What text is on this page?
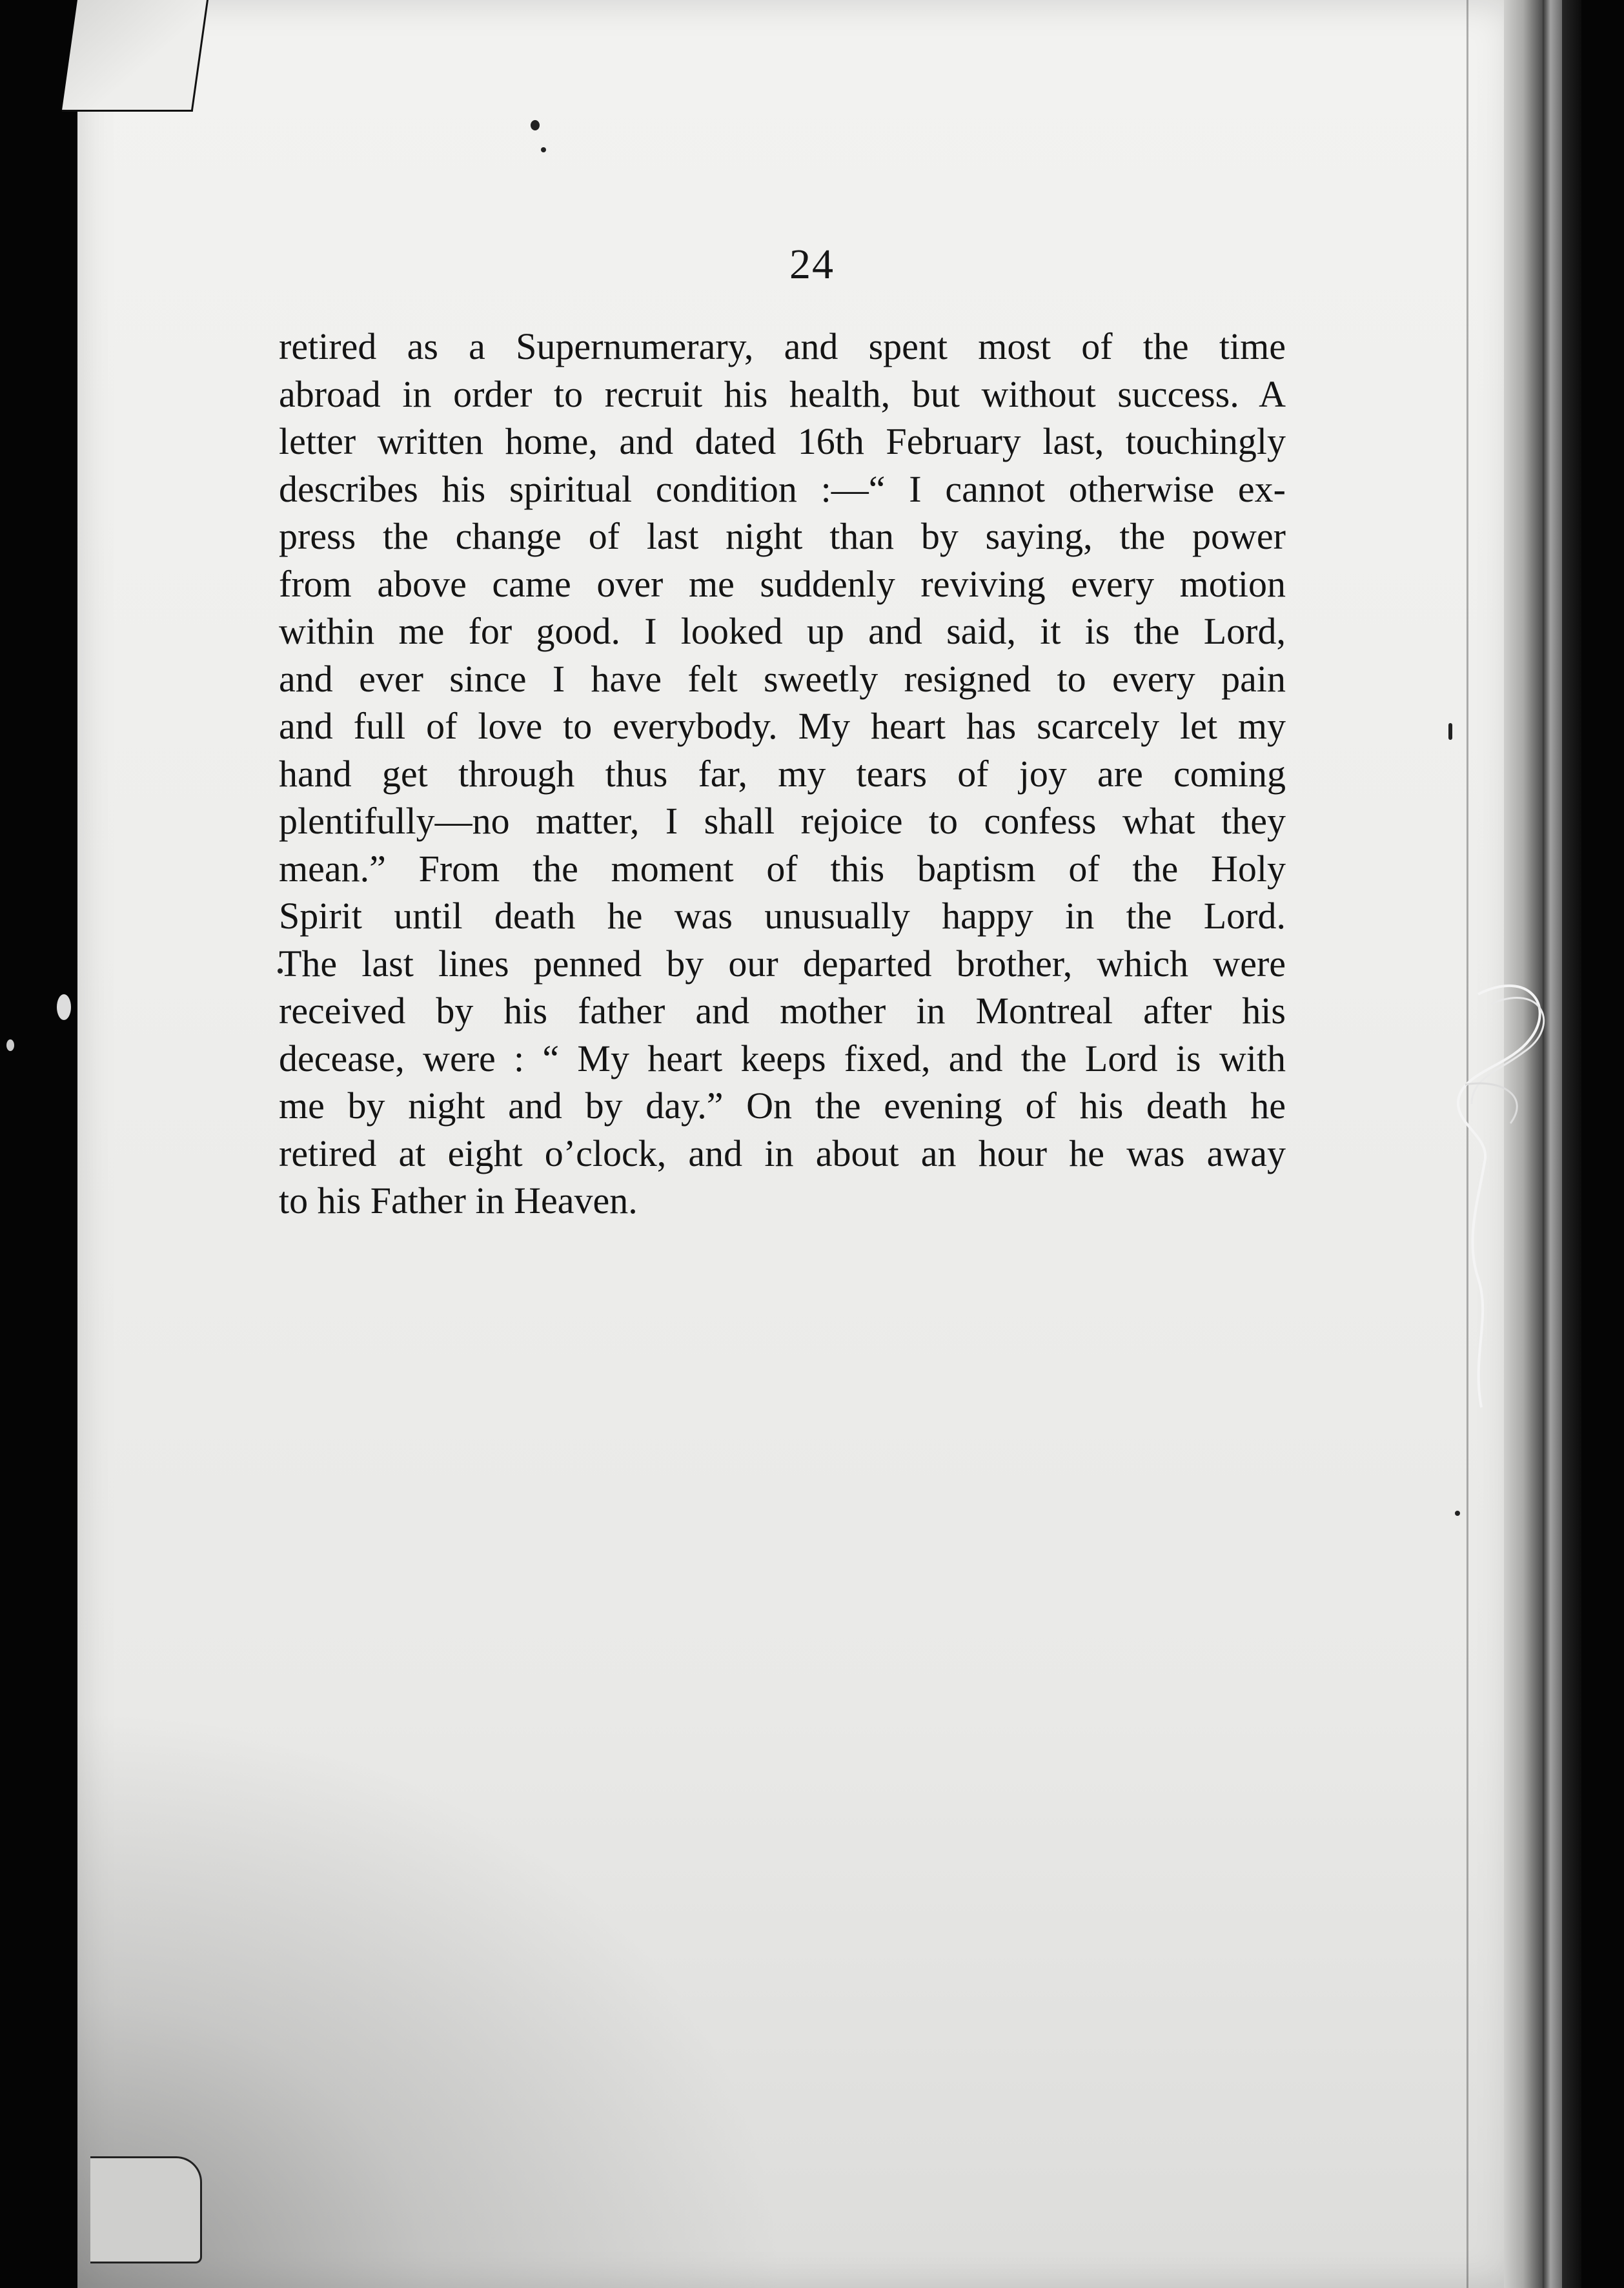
24

retired as a Supernumerary, and spent most of the time
abroad in order to recruit his health, but without success. A
letter written home, and dated 16th February last, touchingly
describes his spiritual condition :—“ I cannot otherwise ex-
press the change of last night than by saying, the power
from above came over me suddenly reviving every motion
within me for good. I looked up and said, it is the Lord,
and ever since I have felt sweetly resigned to every pain
and full of love to everybody. My heart has scarcely let my
hand get through thus far, my tears of joy are coming
plentifully—no matter, I shall rejoice to confess what they
mean.” From the moment of this baptism of the Holy
Spirit until death he was unusually happy in the Lord.
The last lines penned by our departed brother, which were
received by his father and mother in Montreal after his
decease, were : “ My heart keeps fixed, and the Lord is with
me by night and by day.” On the evening of his death he
retired at eight o’clock, and in about an hour he was away
to his Father in Heaven.
